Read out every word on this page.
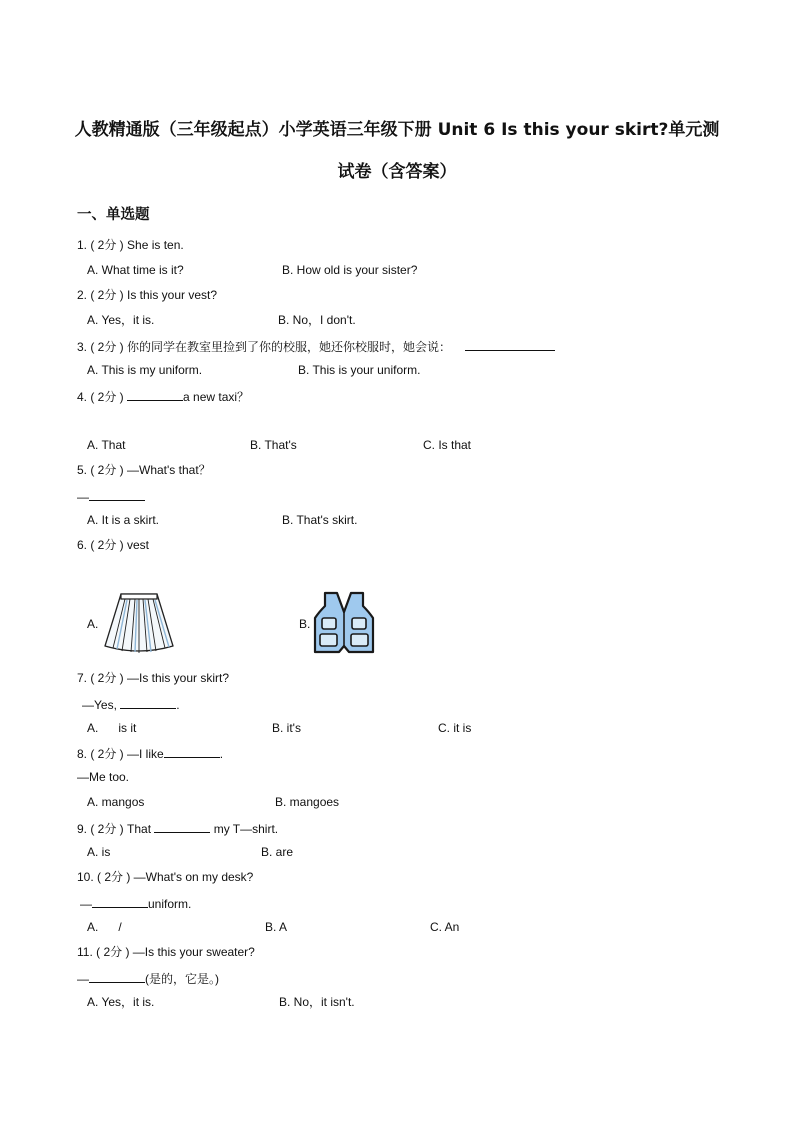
人教精通版（三年级起点）小学英语三年级下册 Unit 6 Is this your skirt?单元测
试卷（含答案）
一、单选题
1. ( 2分 ) She is ten.
A. What time is it?	B. How old is your sister?
2. ( 2分 ) Is this your vest?
A. Yes，it is.	B. No，I don't.
3. ( 2分 ) 你的同学在教室里捡到了你的校服，她还你校服时，她会说：
A. This is my uniform.	B. This is your uniform.
4. ( 2分 )	a new taxi？
A. That	B. That's	C. Is that
5. ( 2分 ) —What's that？
—
A. It is a skirt.	B. That's skirt.
6. ( 2分 ) vest
A.	B.
7. ( 2分 ) —Is this your skirt?
—Yes,	.
A.      is it	B. it's	C. it is
8. ( 2分 ) —I like	.
—Me too.
A. mangos	B. mangoes
9. ( 2分 ) That	my T—shirt.
A. is	B. are
10. ( 2分 ) —What's on my desk?
—	uniform.
A.      /	B. A	C. An
11. ( 2分 ) —Is this your sweater?
—	(是的，它是。)
A. Yes，it is.	B. No，it isn't.
